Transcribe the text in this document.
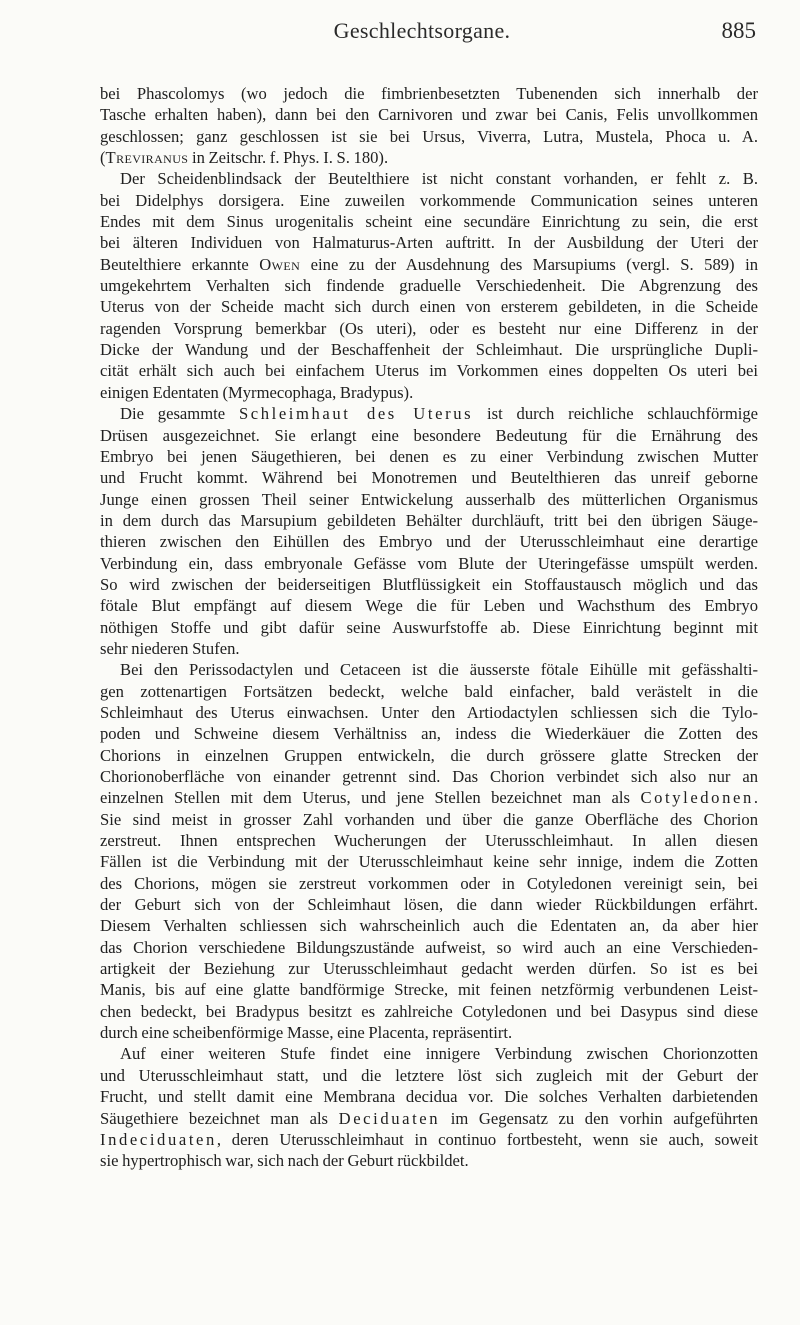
Geschlechtsorgane.	885

bei Phascolomys (wo jedoch die fimbrienbesetzten Tubenenden sich innerhalb der

Tasche erhalten haben), dann bei den Carnivoren und zwar bei Canis, Felis unvollkommen

geschlossen; ganz geschlossen ist sie bei Ursus, Viverra, Lutra, Mustela, Phoca u. A.

(Treviranus in Zeitschr. f. Phys. I. S. 180).

Der Scheidenblindsack der Beutelthiere ist nicht constant vorhanden, er fehlt z. B.

bei Didelphys dorsigera. Eine zuweilen vorkommende Communication seines unteren

Endes mit dem Sinus urogenitalis scheint eine secundäre Einrichtung zu sein, die erst

bei älteren Individuen von Halmaturus-Arten auftritt. In der Ausbildung der Uteri der

Beutelthiere erkannte Owen eine zu der Ausdehnung des Marsupiums (vergl. S. 589) in

umgekehrtem Verhalten sich findende graduelle Verschiedenheit. Die Abgrenzung des

Uterus von der Scheide macht sich durch einen von ersterem gebildeten, in die Scheide

ragenden Vorsprung bemerkbar (Os uteri), oder es besteht nur eine Differenz in der

Dicke der Wandung und der Beschaffenheit der Schleimhaut. Die ursprüngliche Dupli-

cität erhält sich auch bei einfachem Uterus im Vorkommen eines doppelten Os uteri bei

einigen Edentaten (Myrmecophaga, Bradypus).

Die gesammte Schleimhaut des Uterus ist durch reichliche schlauchförmige

Drüsen ausgezeichnet. Sie erlangt eine besondere Bedeutung für die Ernährung des

Embryo bei jenen Säugethieren, bei denen es zu einer Verbindung zwischen Mutter

und Frucht kommt. Während bei Monotremen und Beutelthieren das unreif geborne

Junge einen grossen Theil seiner Entwickelung ausserhalb des mütterlichen Organismus

in dem durch das Marsupium gebildeten Behälter durchläuft, tritt bei den übrigen Säuge-

thieren zwischen den Eihüllen des Embryo und der Uterusschleimhaut eine derartige

Verbindung ein, dass embryonale Gefässe vom Blute der Uteringefässe umspült werden.

So wird zwischen der beiderseitigen Blutflüssigkeit ein Stoffaustausch möglich und das

fötale Blut empfängt auf diesem Wege die für Leben und Wachsthum des Embryo

nöthigen Stoffe und gibt dafür seine Auswurfstoffe ab. Diese Einrichtung beginnt mit

sehr niederen Stufen.

Bei den Perissodactylen und Cetaceen ist die äusserste fötale Eihülle mit gefässhalti-

gen zottenartigen Fortsätzen bedeckt, welche bald einfacher, bald verästelt in die

Schleimhaut des Uterus einwachsen. Unter den Artiodactylen schliessen sich die Tylo-

poden und Schweine diesem Verhältniss an, indess die Wiederkäuer die Zotten des

Chorions in einzelnen Gruppen entwickeln, die durch grössere glatte Strecken der

Chorionoberfläche von einander getrennt sind. Das Chorion verbindet sich also nur an

einzelnen Stellen mit dem Uterus, und jene Stellen bezeichnet man als Cotyledonen.

Sie sind meist in grosser Zahl vorhanden und über die ganze Oberfläche des Chorion

zerstreut. Ihnen entsprechen Wucherungen der Uterusschleimhaut. In allen diesen

Fällen ist die Verbindung mit der Uterusschleimhaut keine sehr innige, indem die Zotten

des Chorions, mögen sie zerstreut vorkommen oder in Cotyledonen vereinigt sein, bei

der Geburt sich von der Schleimhaut lösen, die dann wieder Rückbildungen erfährt.

Diesem Verhalten schliessen sich wahrscheinlich auch die Edentaten an, da aber hier

das Chorion verschiedene Bildungszustände aufweist, so wird auch an eine Verschieden-

artigkeit der Beziehung zur Uterusschleimhaut gedacht werden dürfen. So ist es bei

Manis, bis auf eine glatte bandförmige Strecke, mit feinen netzförmig verbundenen Leist-

chen bedeckt, bei Bradypus besitzt es zahlreiche Cotyledonen und bei Dasypus sind diese

durch eine scheibenförmige Masse, eine Placenta, repräsentirt.

Auf einer weiteren Stufe findet eine innigere Verbindung zwischen Chorionzotten

und Uterusschleimhaut statt, und die letztere löst sich zugleich mit der Geburt der

Frucht, und stellt damit eine Membrana decidua vor. Die solches Verhalten darbietenden

Säugethiere bezeichnet man als Deciduaten im Gegensatz zu den vorhin aufgeführten

Indeciduaten, deren Uterusschleimhaut in continuo fortbesteht, wenn sie auch, soweit

sie hypertrophisch war, sich nach der Geburt rückbildet.
